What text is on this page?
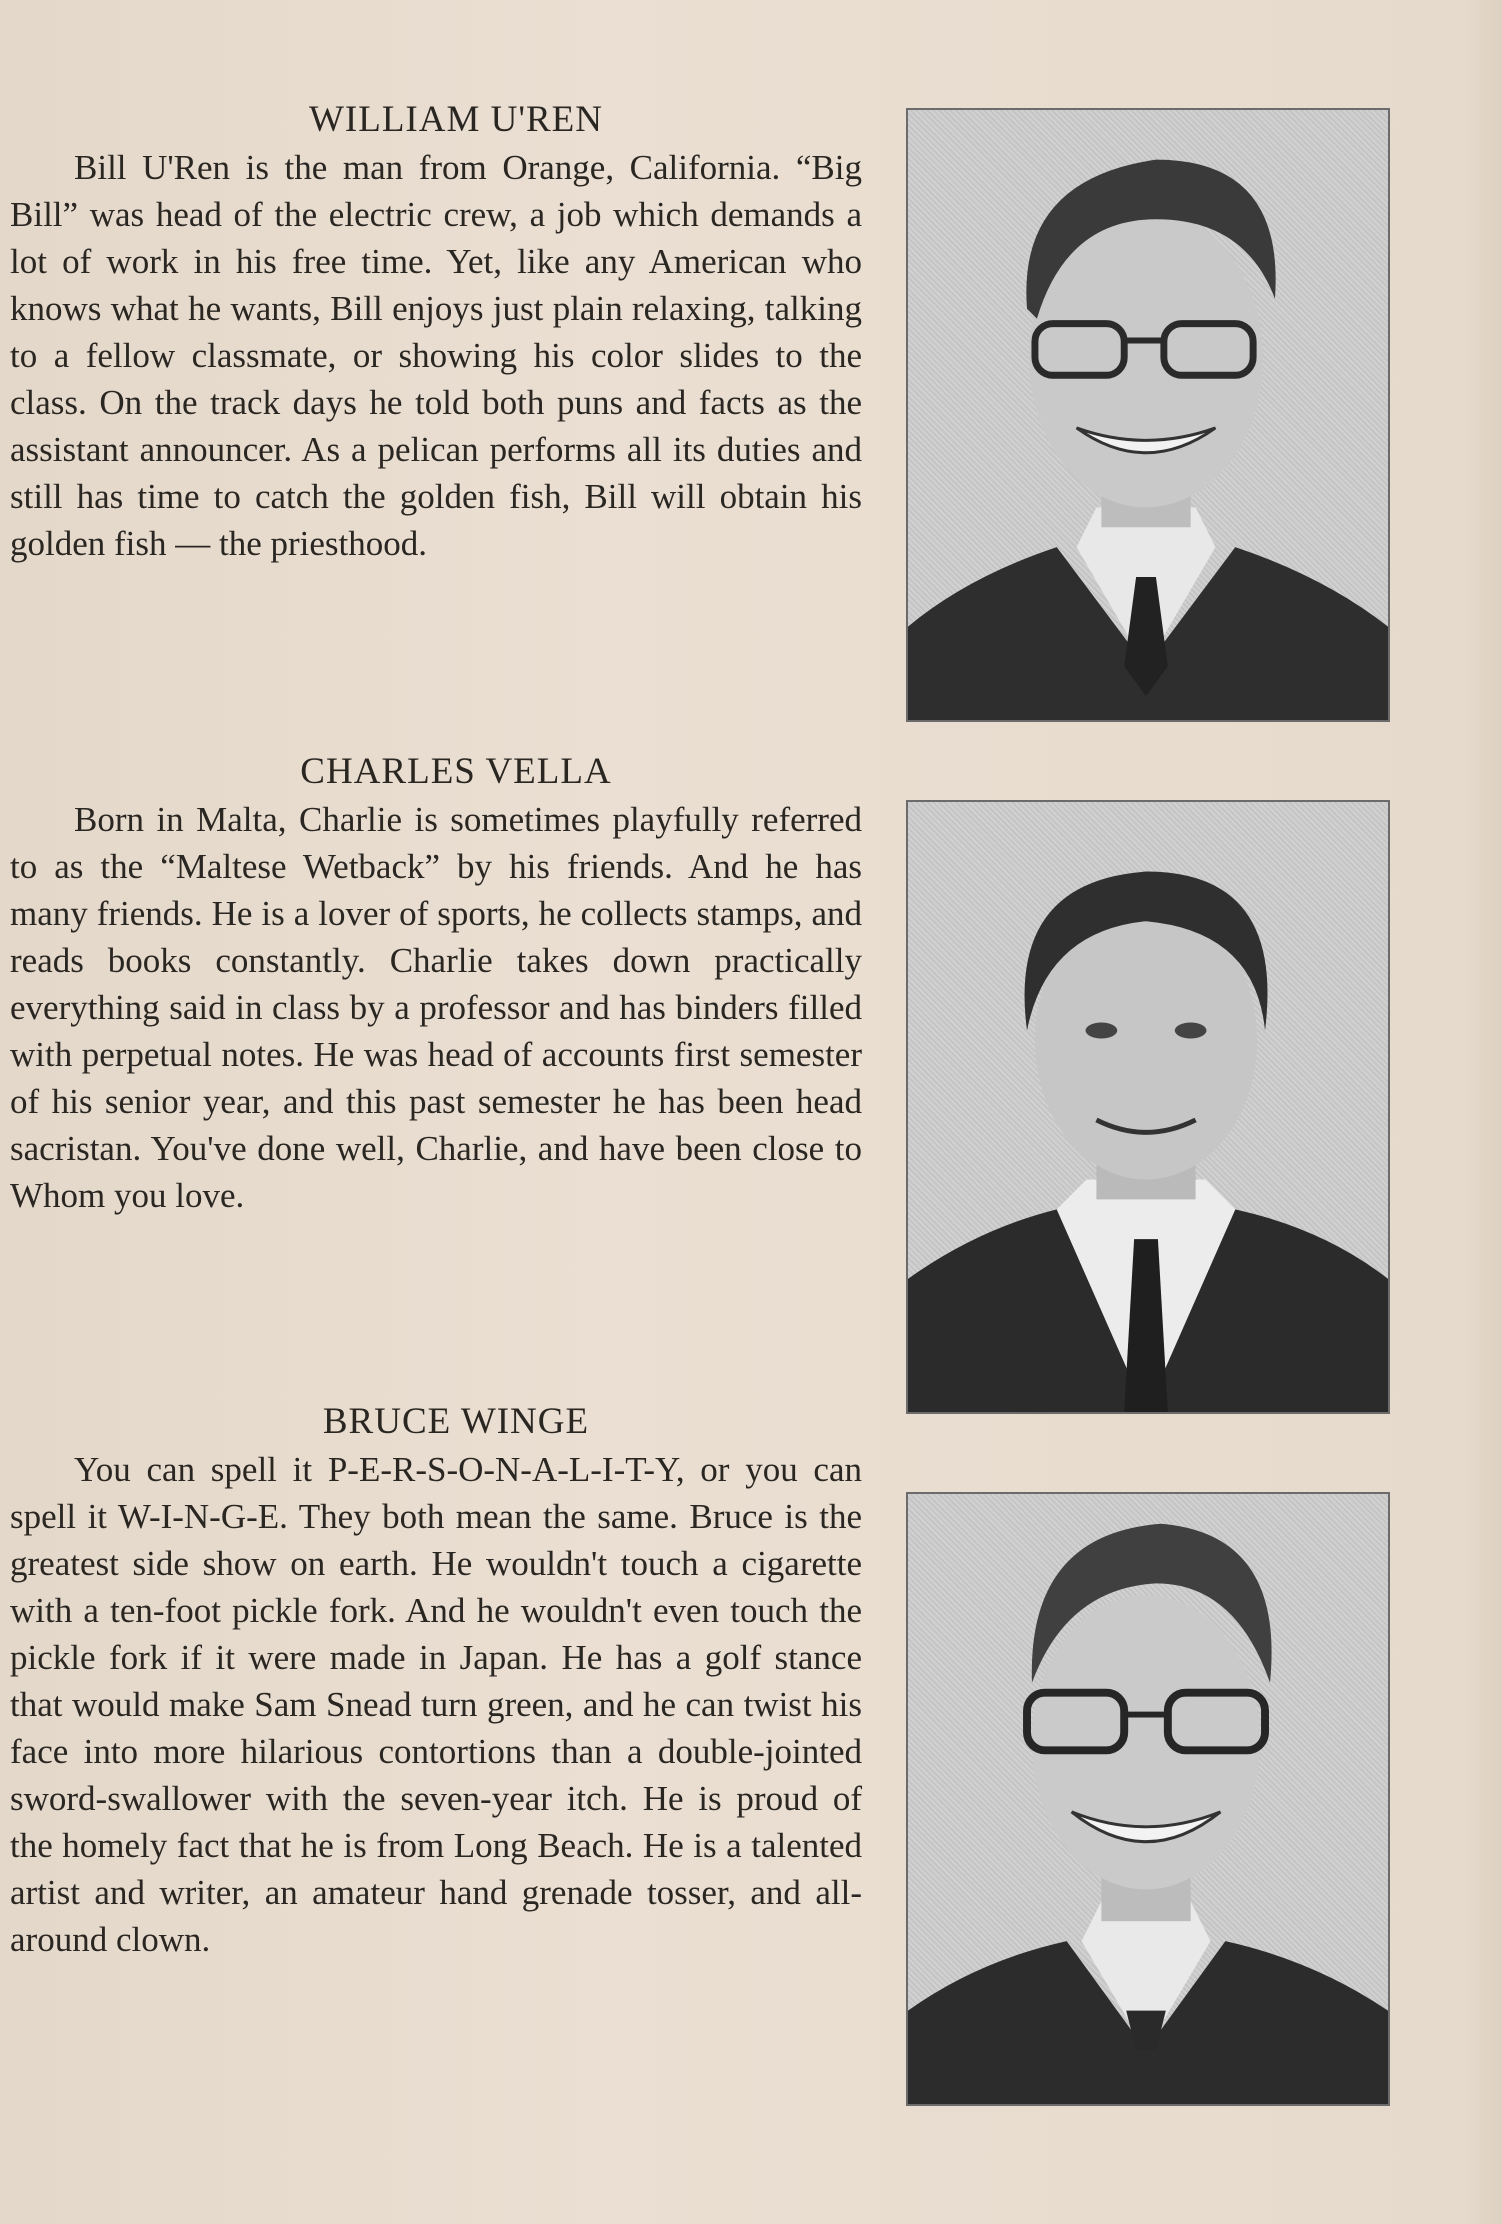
WILLIAM U'REN

Bill U'Ren is the man from Orange, California. “Big Bill” was head of the electric crew, a job which demands a lot of work in his free time. Yet, like any American who knows what he wants, Bill enjoys just plain relaxing, talking to a fellow classmate, or showing his color slides to the class. On the track days he told both puns and facts as the assistant announcer. As a pelican performs all its duties and still has time to catch the golden fish, Bill will obtain his golden fish — the priesthood.

CHARLES VELLA

Born in Malta, Charlie is sometimes playfully referred to as the “Maltese Wetback” by his friends. And he has many friends. He is a lover of sports, he collects stamps, and reads books constantly. Charlie takes down practically everything said in class by a professor and has binders filled with perpetual notes. He was head of accounts first semester of his senior year, and this past semester he has been head sacristan. You've done well, Charlie, and have been close to Whom you love.

BRUCE WINGE

You can spell it P-E-R-S-O-N-A-L-I-T-Y, or you can spell it W-I-N-G-E. They both mean the same. Bruce is the greatest side show on earth. He wouldn't touch a cigarette with a ten-foot pickle fork. And he wouldn't even touch the pickle fork if it were made in Japan. He has a golf stance that would make Sam Snead turn green, and he can twist his face into more hilarious contortions than a double-jointed sword-swallower with the seven-year itch. He is proud of the homely fact that he is from Long Beach. He is a talented artist and writer, an amateur hand grenade tosser, and all-around clown.
